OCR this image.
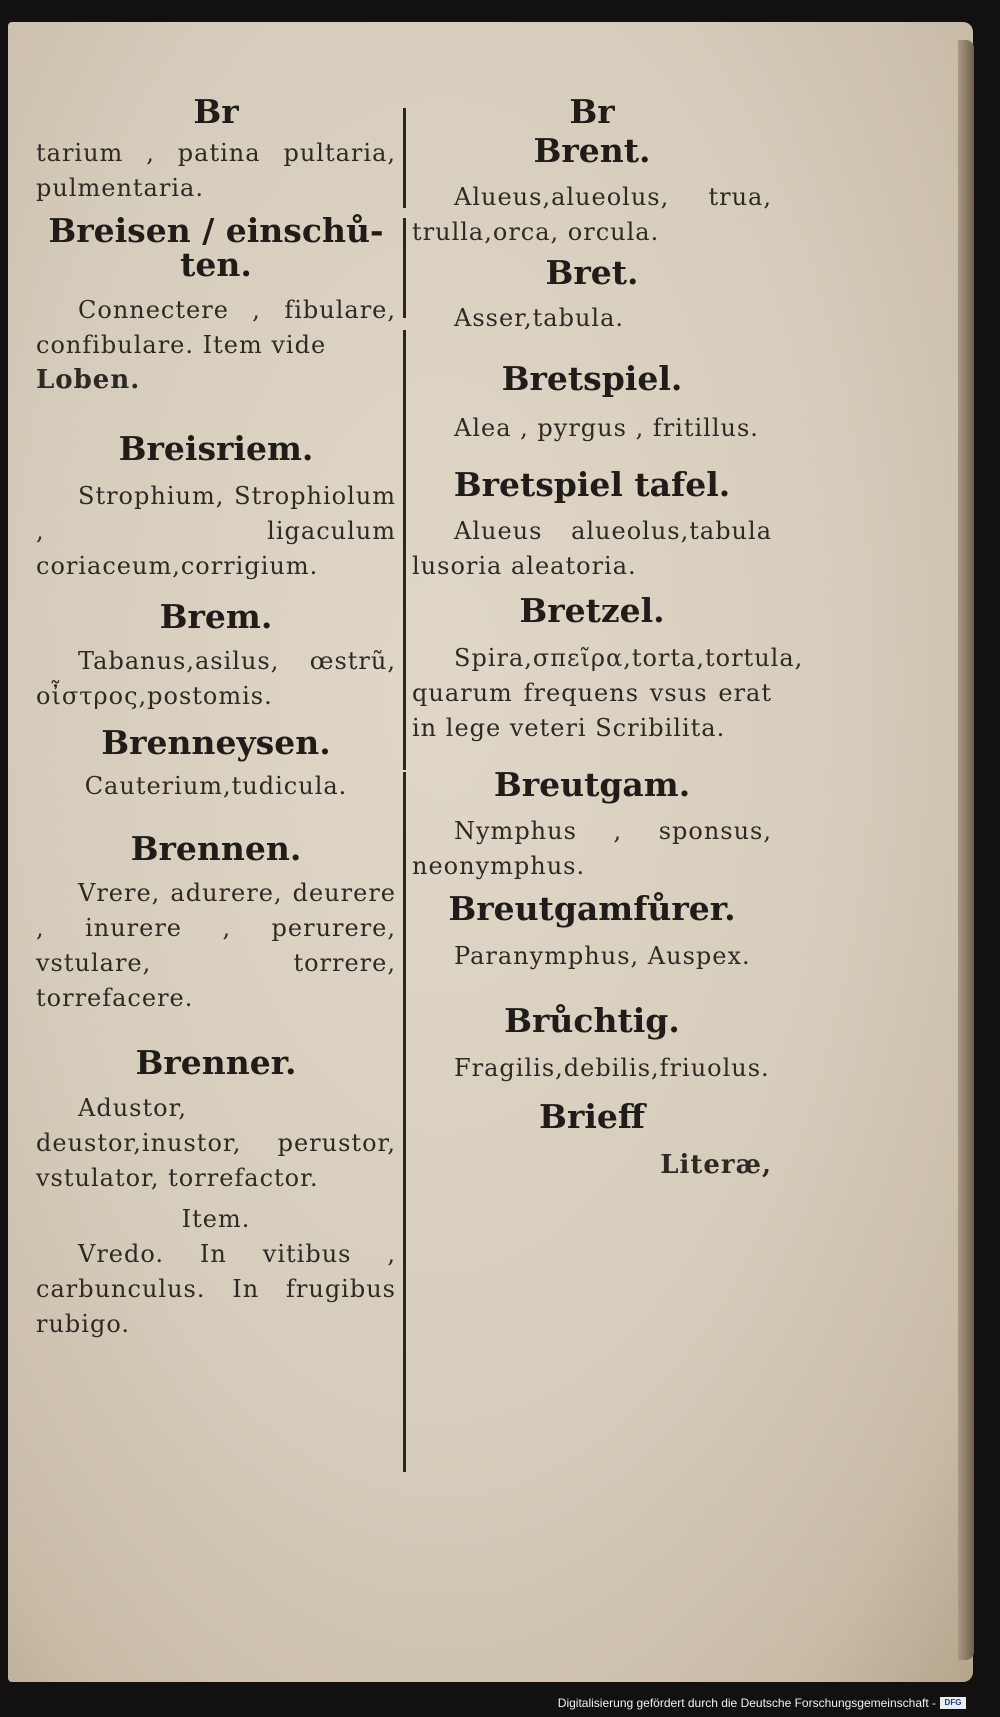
Br
tarium , patina pultaria, pulmentaria.
Breisen / einschů- ten.
Connectere , fibulare, confibulare. Item vide
Loben.
Breisriem.
Strophium, Strophiolum , ligaculum coriaceum,corrigium.
Brem.
Tabanus,asilus, œstrũ, οἶστρος,postomis.
Brenneysen.
Cauterium,tudicula.
Brennen.
Vrere, adurere, deurere , inurere , perurere, vstulare, torrere, torrefacere.
Brenner.
Adustor, deustor,inustor, perustor, vstulator, torrefactor.
Item.
Vredo. In vitibus , carbunculus. In frugibus rubigo.
Br
Brent.
Alueus,alueolus, trua, trulla,orca, orcula.
Bret.
Asser,tabula.
Bretspiel.
Alea , pyrgus , fritillus.
Bretspiel tafel.
Alueus alueolus,tabula lusoria aleatoria.
Bretzel.
Spira,σπεῖρα,torta,tortula, quarum frequens vsus erat in lege veteri Scribilita.
Breutgam.
Nymphus , sponsus, neonymphus.
Breutgamfůrer.
Paranymphus, Auspex.
Brůchtig.
Fragilis,debilis,friuolus.
Brieff
Literæ,
Digitalisierung gefördert durch die Deutsche Forschungsgemeinschaft -	DFG
